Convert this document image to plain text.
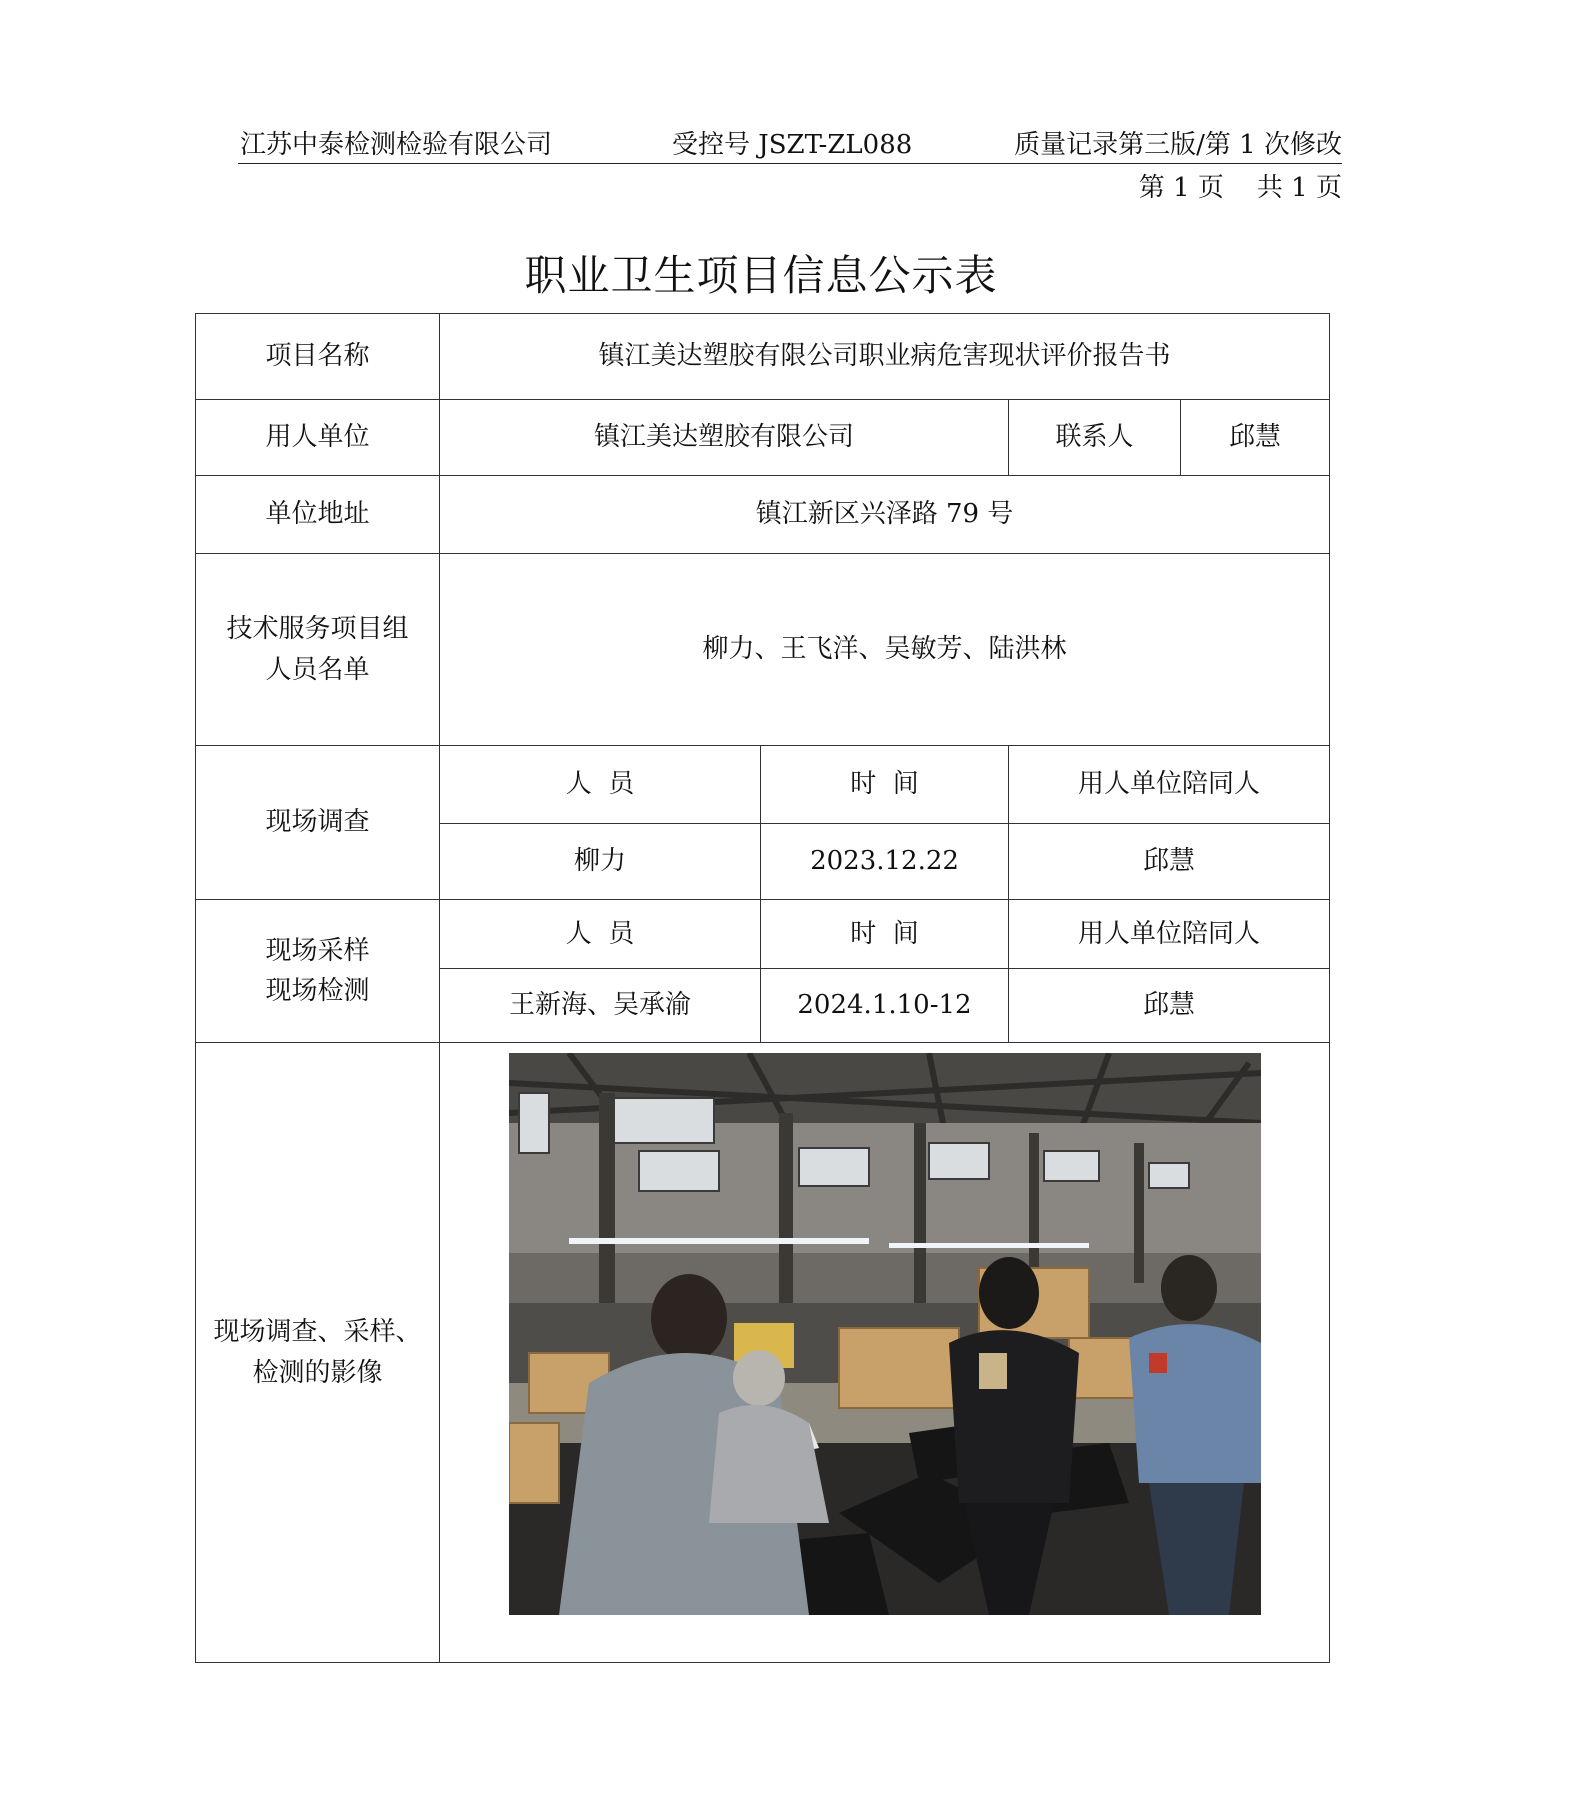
江苏中泰检测检验有限公司	受控号 JSZT-ZL088	质量记录第三版/第 1 次修改
第 1 页 共 1 页
职业卫生项目信息公示表
项目名称	镇江美达塑胶有限公司职业病危害现状评价报告书			
用人单位	镇江美达塑胶有限公司		联系人	邱慧
单位地址	镇江新区兴泽路 79 号			

技术服务项目组
人员名单	柳力、王飞洋、吴敏芳、陆洪林			
现场调查	人  员	时  间	用人单位陪同人	
	柳力	2023.12.22	邱慧	

现场采样
现场检测	人  员	时  间	用人单位陪同人	
	王新海、吴承渝	2024.1.10-12	邱慧	

现场调查、采样、
检测的影像
